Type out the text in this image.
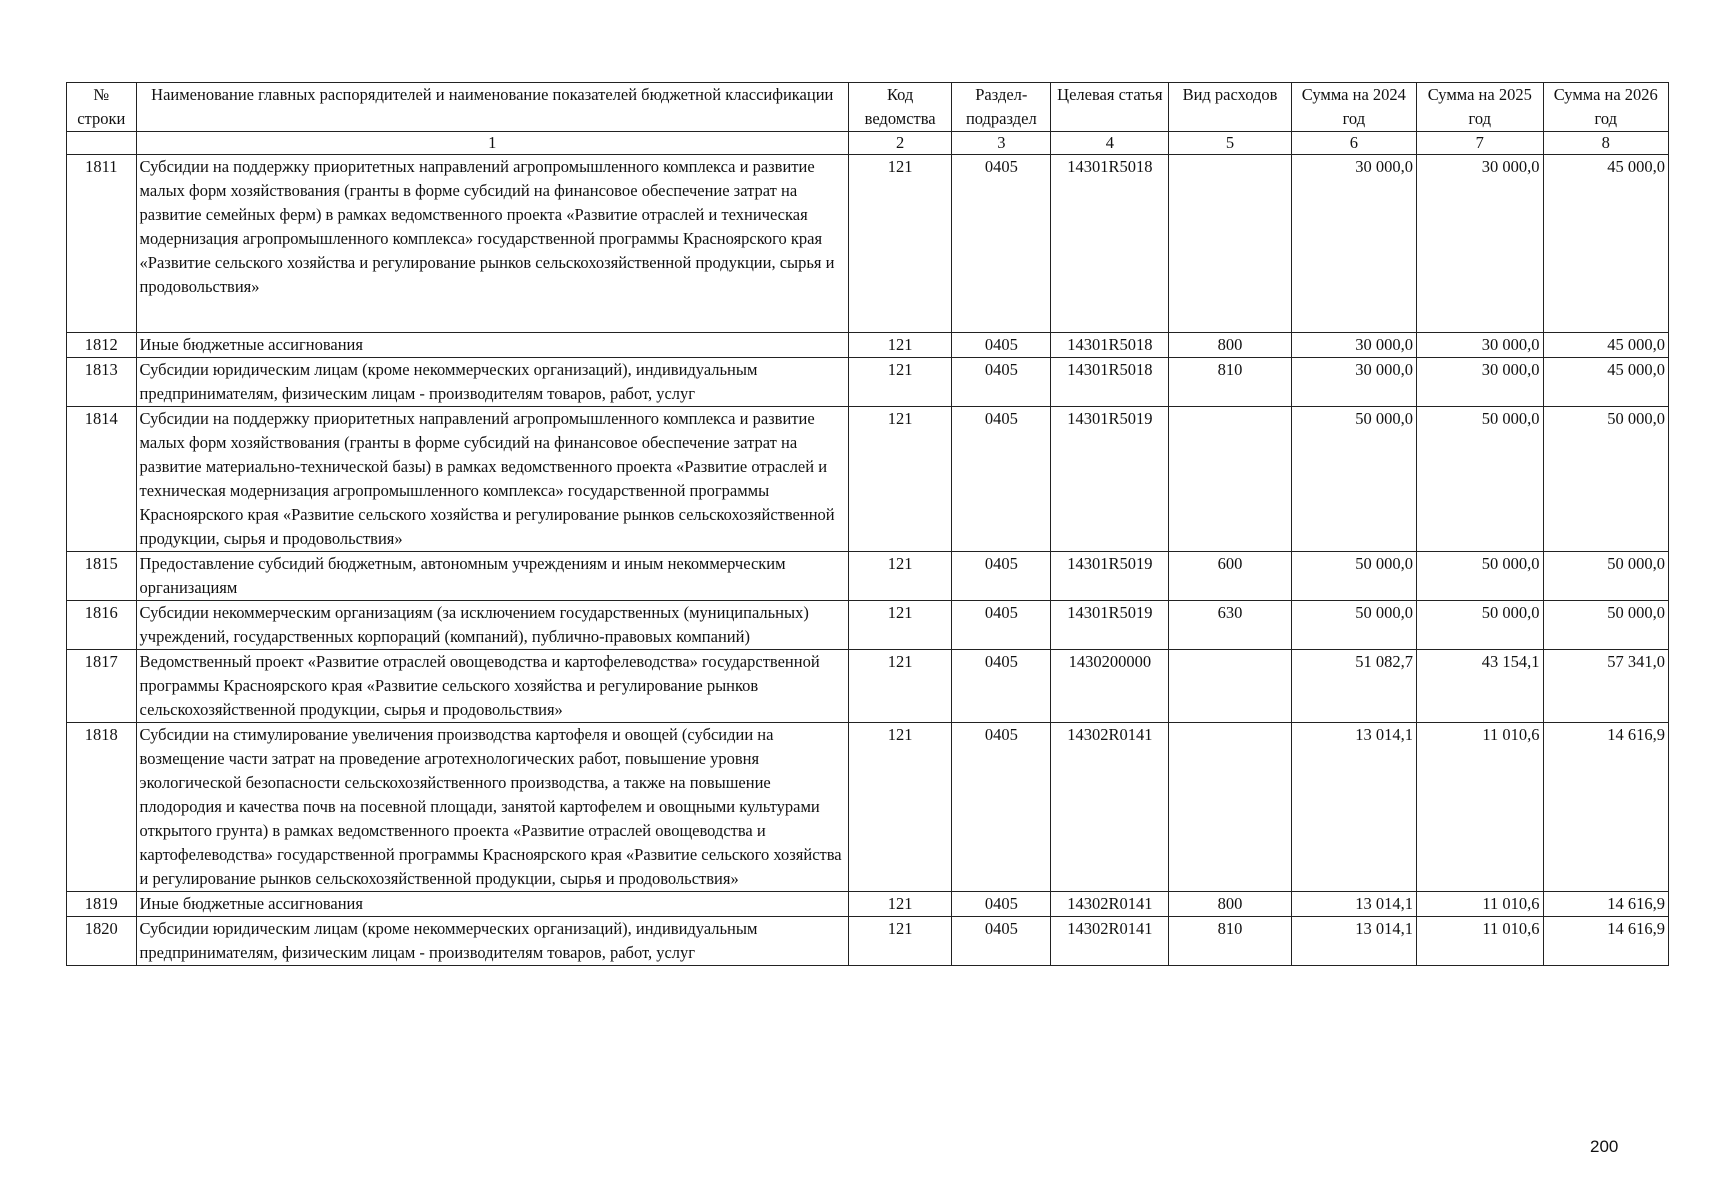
№ строки	Наименование главных распорядителей и наименование показателей бюджетной классификации	Код ведомства	Раздел-подраздел	Целевая статья	Вид расходов	Сумма на 2024 год	Сумма на 2025 год	Сумма на 2026 год
	1	2	3	4	5	6	7	8
1811	Субсидии на поддержку приоритетных направлений агропромышленного комплекса и развитие малых форм хозяйствования (гранты в форме субсидий на финансовое обеспечение затрат на развитие семейных ферм) в рамках ведомственного проекта «Развитие отраслей и техническая модернизация агропромышленного комплекса» государственной программы Красноярского края «Развитие сельского хозяйства и регулирование рынков сельскохозяйственной продукции, сырья и продовольствия»	121	0405	14301R5018		30 000,0	30 000,0	45 000,0
1812	Иные бюджетные ассигнования	121	0405	14301R5018	800	30 000,0	30 000,0	45 000,0
1813	Субсидии юридическим лицам (кроме некоммерческих организаций), индивидуальным предпринимателям, физическим лицам - производителям товаров, работ, услуг	121	0405	14301R5018	810	30 000,0	30 000,0	45 000,0
1814	Субсидии на поддержку приоритетных направлений агропромышленного комплекса и развитие малых форм хозяйствования (гранты в форме субсидий на финансовое обеспечение затрат на развитие материально-технической базы) в рамках ведомственного проекта «Развитие отраслей и техническая модернизация агропромышленного комплекса» государственной программы Красноярского края «Развитие сельского хозяйства и регулирование рынков сельскохозяйственной продукции, сырья и продовольствия»	121	0405	14301R5019		50 000,0	50 000,0	50 000,0
1815	Предоставление субсидий бюджетным, автономным учреждениям и иным некоммерческим организациям	121	0405	14301R5019	600	50 000,0	50 000,0	50 000,0
1816	Субсидии некоммерческим организациям (за исключением государственных (муниципальных) учреждений, государственных корпораций (компаний), публично-правовых компаний)	121	0405	14301R5019	630	50 000,0	50 000,0	50 000,0
1817	Ведомственный проект «Развитие отраслей овощеводства и картофелеводства» государственной программы Красноярского края «Развитие сельского хозяйства и регулирование рынков сельскохозяйственной продукции, сырья и продовольствия»	121	0405	1430200000		51 082,7	43 154,1	57 341,0
1818	Субсидии на стимулирование увеличения производства картофеля и овощей (субсидии на возмещение части затрат на проведение агротехнологических работ, повышение уровня экологической безопасности сельскохозяйственного производства, а также на повышение плодородия и качества почв на посевной площади, занятой картофелем и овощными культурами открытого грунта) в рамках ведомственного проекта «Развитие отраслей овощеводства и картофелеводства» государственной программы Красноярского края «Развитие сельского хозяйства и регулирование рынков сельскохозяйственной продукции, сырья и продовольствия»	121	0405	14302R0141		13 014,1	11 010,6	14 616,9
1819	Иные бюджетные ассигнования	121	0405	14302R0141	800	13 014,1	11 010,6	14 616,9
1820	Субсидии юридическим лицам (кроме некоммерческих организаций), индивидуальным предпринимателям, физическим лицам - производителям товаров, работ, услуг	121	0405	14302R0141	810	13 014,1	11 010,6	14 616,9
200
